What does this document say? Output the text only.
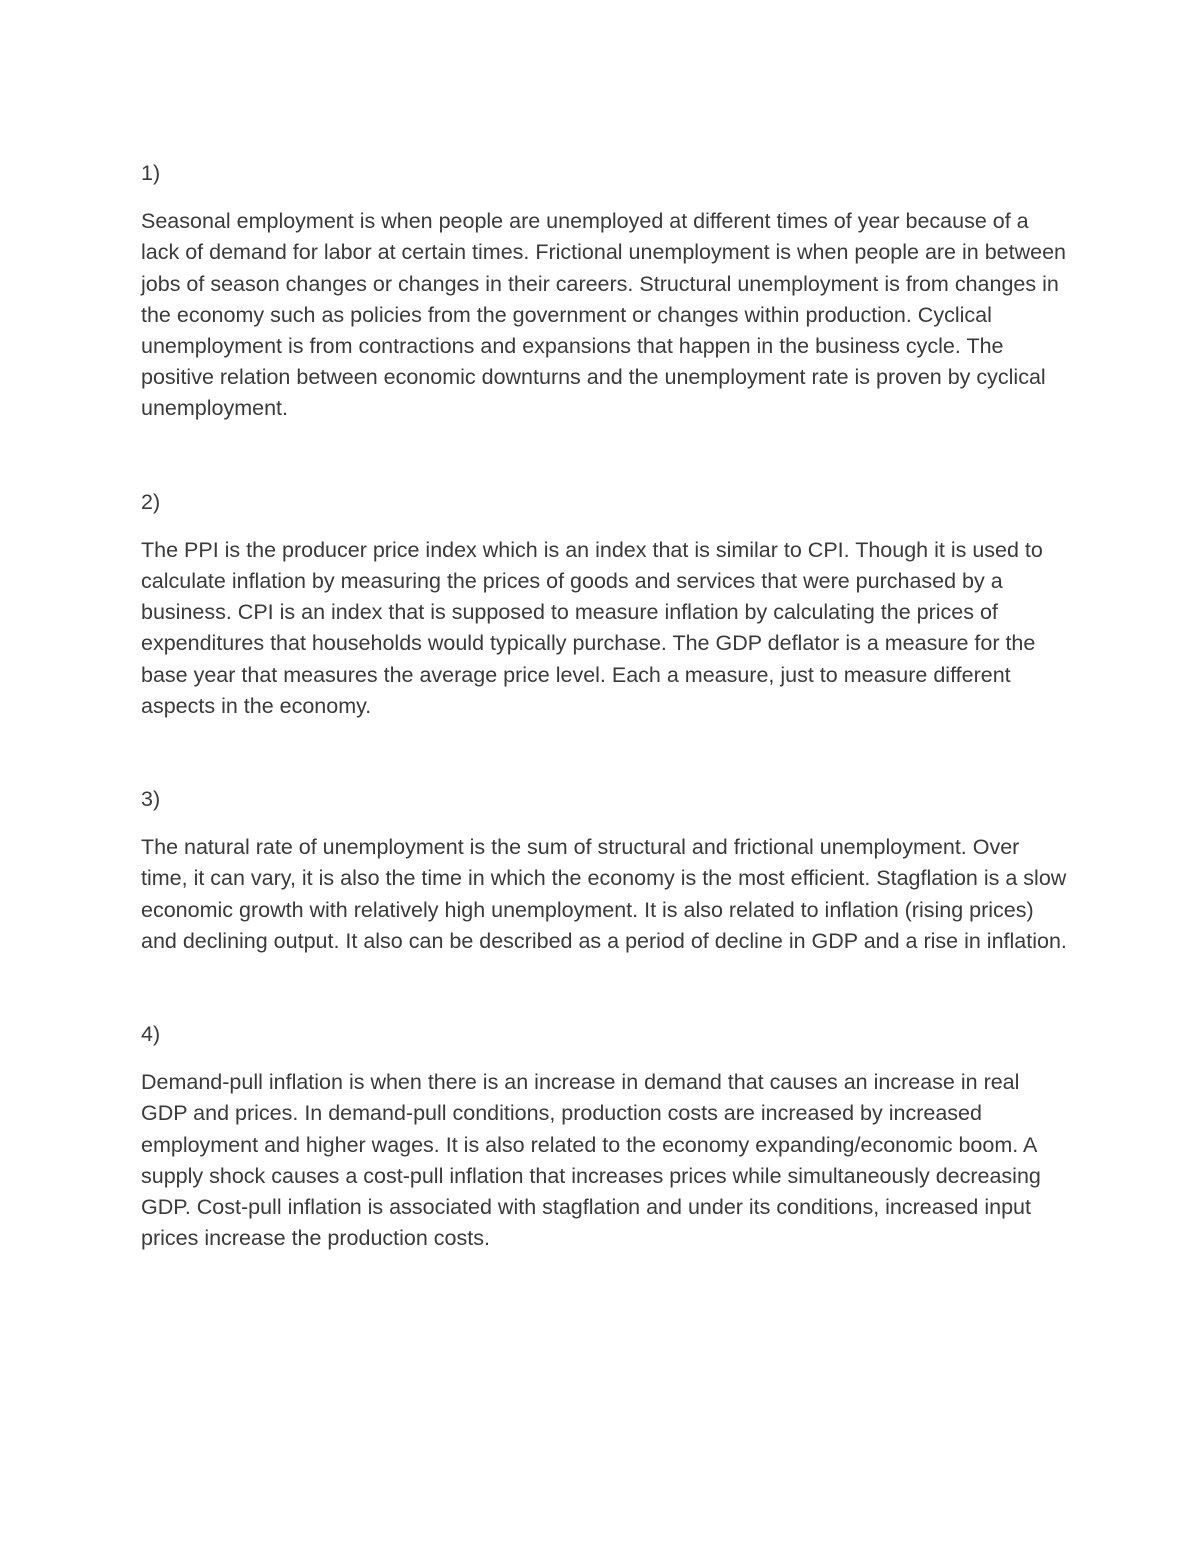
1)

Seasonal employment is when people are unemployed at different times of year because of a lack of demand for labor at certain times. Frictional unemployment is when people are in between jobs of season changes or changes in their careers. Structural unemployment is from changes in the economy such as policies from the government or changes within production. Cyclical unemployment is from contractions and expansions that happen in the business cycle. The positive relation between economic downturns and the unemployment rate is proven by cyclical unemployment.

2)

The PPI is the producer price index which is an index that is similar to CPI. Though it is used to calculate inflation by measuring the prices of goods and services that were purchased by a business. CPI is an index that is supposed to measure inflation by calculating the prices of expenditures that households would typically purchase. The GDP deflator is a measure for the base year that measures the average price level. Each a measure, just to measure different aspects in the economy.

3)

The natural rate of unemployment is the sum of structural and frictional unemployment. Over time, it can vary, it is also the time in which the economy is the most efficient. Stagflation is a slow economic growth with relatively high unemployment. It is also related to inflation (rising prices) and declining output. It also can be described as a period of decline in GDP and a rise in inflation.

4)

Demand-pull inflation is when there is an increase in demand that causes an increase in real GDP and prices. In demand-pull conditions, production costs are increased by increased employment and higher wages. It is also related to the economy expanding/economic boom. A supply shock causes a cost-pull inflation that increases prices while simultaneously decreasing GDP. Cost-pull inflation is associated with stagflation and under its conditions, increased input prices increase the production costs.
